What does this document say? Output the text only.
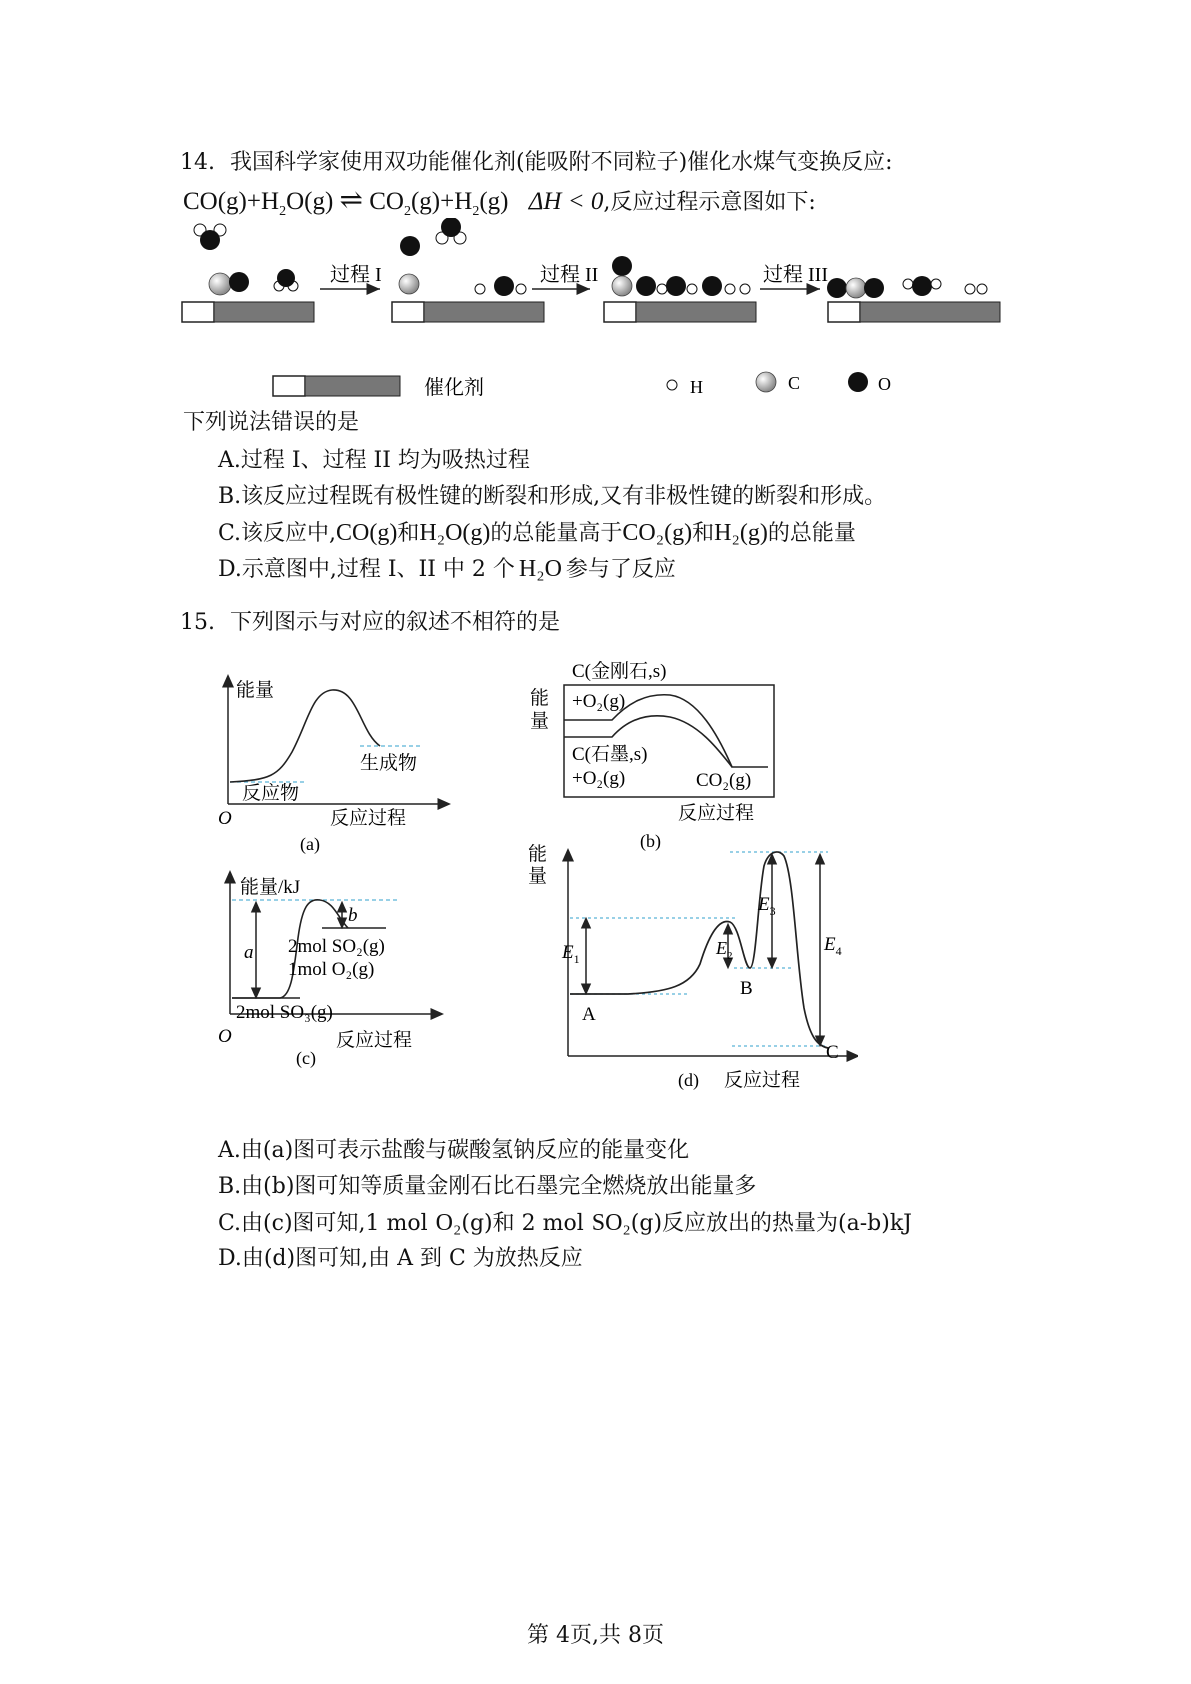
14. 我国科学家使用双功能催化剂(能吸附不同粒子)催化水煤气变换反应:
$CO(g)+H_2O(g)$ ⇌ $CO_2(g)+H_2(g) \Delta H < 0$,反应过程示意图如下:
过程 I	过程 II	过程 III
催化剂	H	C	O
下列说法错误的是
A.过程 I、过程 II 均为吸热过程
B.该反应过程既有极性键的断裂和形成,又有非极性键的断裂和形成。
C.该反应中,CO(g)和H₂O(g)的总能量高于CO₂(g)和H₂(g)的总能量
D.示意图中,过程 I、II 中 2 个 H₂O 参与了反应
15. 下列图示与对应的叙述不相符的是
能量
生成物
反应物
O	反应过程
(a)
C(金刚石,s)
能
量
+O₂(g)
C(石墨,s)
+O₂(g)	CO₂(g)
反应过程
(b)
能量/kJ
a
b
2mol SO₂(g)
1mol O₂(g)
2mol SO₃(g)
O	反应过程
(c)
能
量
$E_1$
$E_2$
$E_3$
$E_4$
A
B
C
(d) 反应过程
A.由(a)图可表示盐酸与碳酸氢钠反应的能量变化
B.由(b)图可知等质量金刚石比石墨完全燃烧放出能量多
C.由(c)图可知,1 mol O₂(g)和 2 mol SO₂(g)反应放出的热量为(a-b)kJ
D.由(d)图可知,由 A 到 C 为放热反应
第 4页,共 8页
